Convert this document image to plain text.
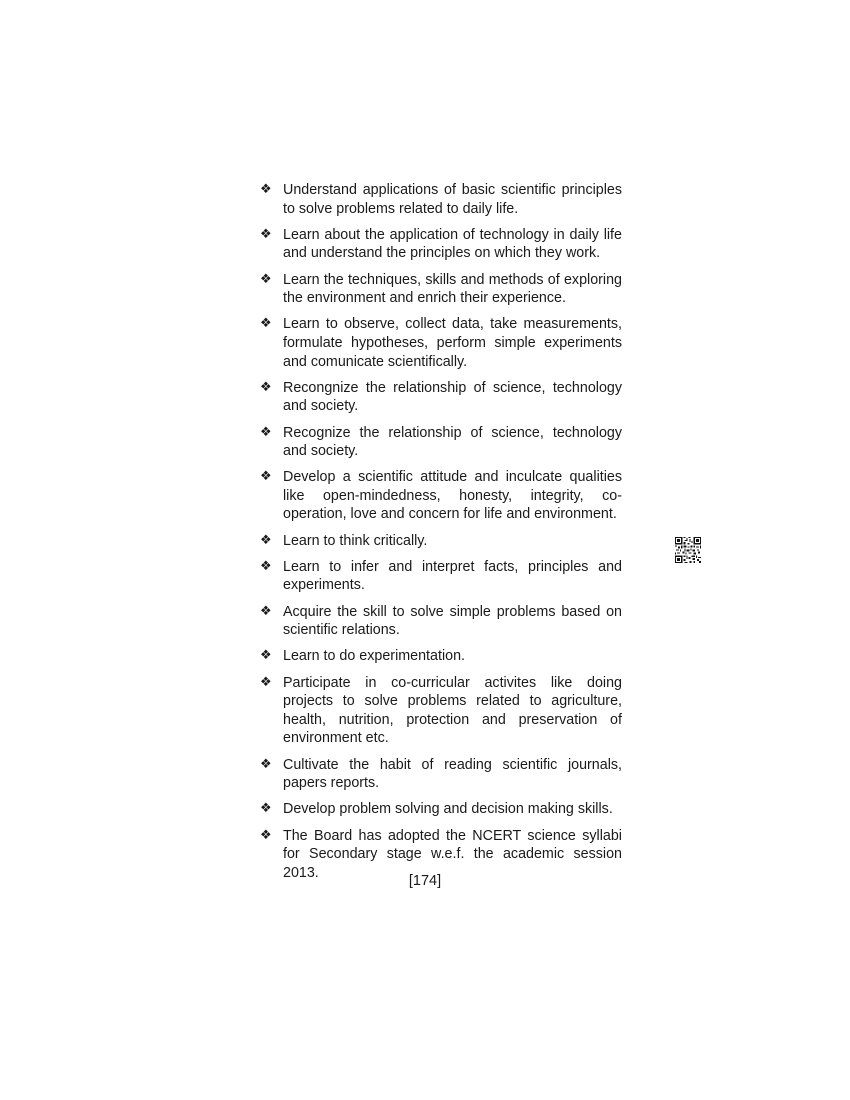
❖ Understand applications of basic scientific principles to solve problems related to daily life.
❖ Learn about the application of technology in daily life and understand the principles on which they work.
❖ Learn the techniques, skills and methods of exploring the environment and enrich their experience.
❖ Learn to observe, collect data, take measurements, formulate hypotheses, perform simple experiments and comunicate scientifically.
❖ Recongnize the relationship of science, technology and society.
❖ Recognize the relationship of science, technology and society.
❖ Develop a scientific attitude and inculcate qualities like open-mindedness, honesty, integrity, co-operation, love and concern for life and environment.
❖ Learn to think critically.
❖ Learn to infer and interpret facts, principles and experiments.
❖ Acquire the skill to solve simple problems based on scientific relations.
❖ Learn to do experimentation.
❖ Participate in co-curricular activites like doing projects to solve problems related to agriculture, health, nutrition, protection and preservation of environment etc.
❖ Cultivate the habit of reading scientific journals, papers reports.
❖ Develop problem solving and decision making skills.
❖ The Board has adopted the NCERT science syllabi for Secondary stage w.e.f. the academic session 2013.
[174]
